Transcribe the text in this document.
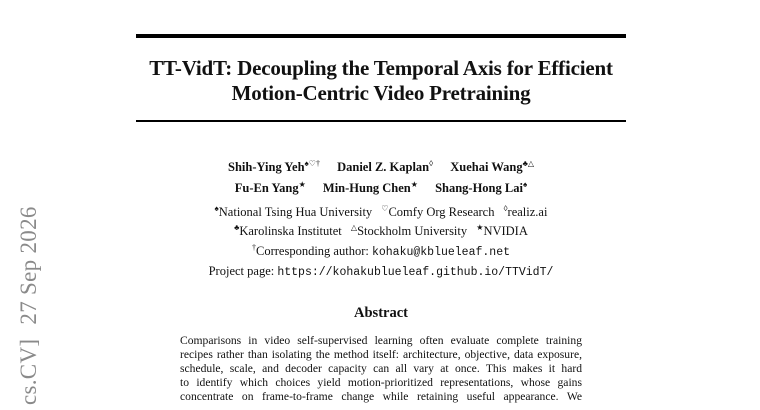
TT-VidT: Decoupling the Temporal Axis for Efficient
Motion-Centric Video Pretraining
Shih-Ying Yeh♠♡† Daniel Z. Kaplan◊ Xuehai Wang♣△
Fu-En Yang★ Min-Hung Chen★ Shang-Hong Lai♠
♠National Tsing Hua University ♡Comfy Org Research ◊realiz.ai
♣Karolinska Institutet △Stockholm University ★NVIDIA
†Corresponding author: kohaku@kblueleaf.net
Project page: https://kohakublueleaf.github.io/TTVidT/
Abstract
Comparisons in video self-supervised learning often evaluate complete training
recipes rather than isolating the method itself: architecture, objective, data exposure,
schedule, scale, and decoder capacity can all vary at once. This makes it hard
to identify which choices yield motion-prioritized representations, whose gains
concentrate on frame-to-frame change while retaining useful appearance. We
cs.CV] 27 Sep 2026
